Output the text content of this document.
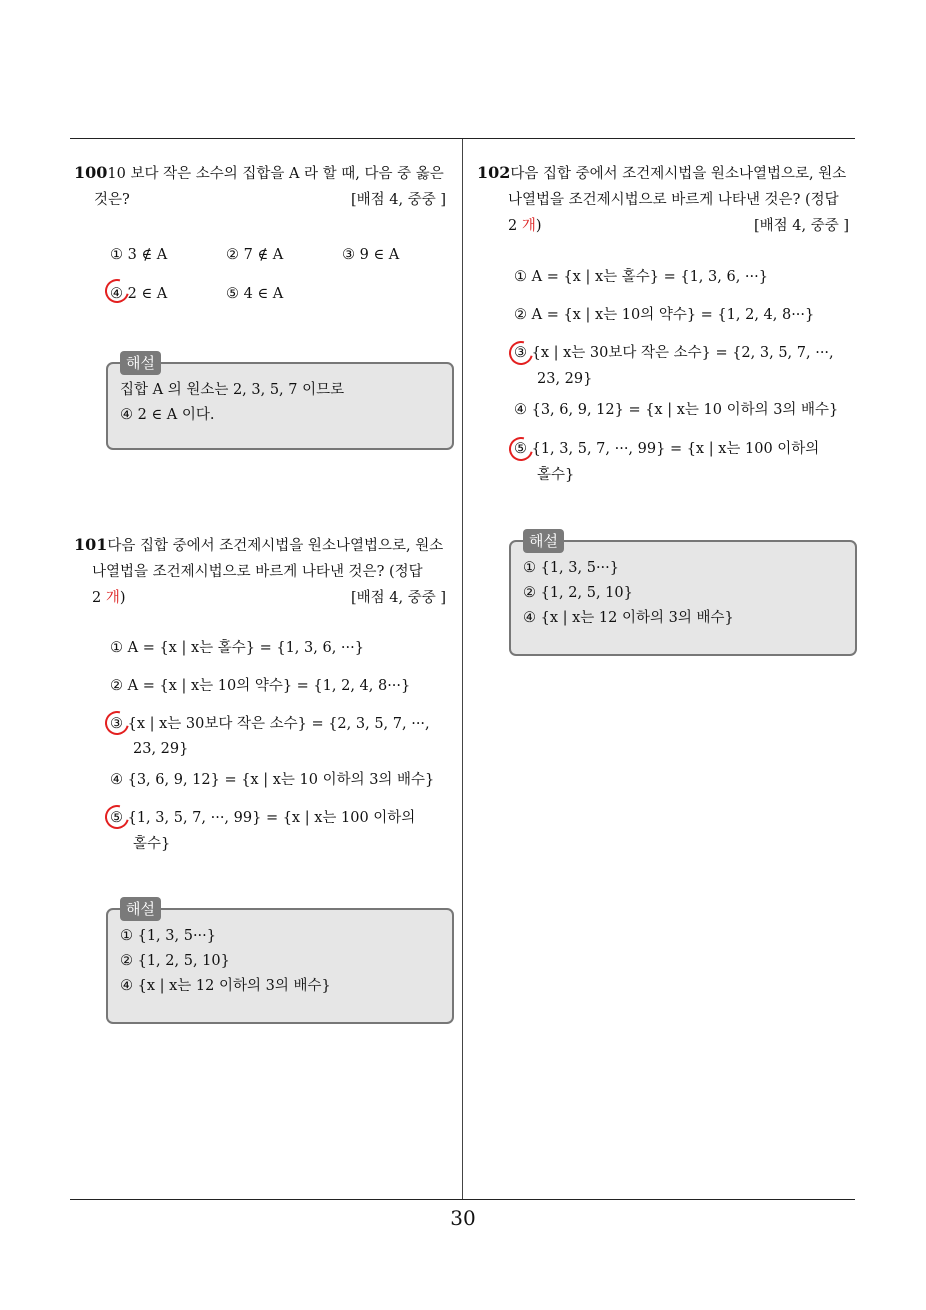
10010 보다 작은 소수의 집합을 A 라 할 때, 다음 중 옳은
것은?	[배점 4, 중중 ]
① 3 ∉ A	② 7 ∉ A	③ 9 ∈ A
④ 2 ∈ A	⑤ 4 ∈ A
해설
집합 A 의 원소는 2, 3, 5, 7 이므로
④ 2 ∈ A 이다.
101다음 집합 중에서 조건제시법을 원소나열법으로, 원소
나열법을 조건제시법으로 바르게 나타낸 것은? (정답
2 개)	[배점 4, 중중 ]
① A = {x | x는 홀수} = {1, 3, 6, ···}
② A = {x | x는 10의 약수} = {1, 2, 4, 8···}
③ {x | x는 30보다 작은 소수} = {2, 3, 5, 7, ···,
23, 29}
④ {3, 6, 9, 12} = {x | x는 10 이하의 3의 배수}
⑤ {1, 3, 5, 7, ···, 99} = {x | x는 100 이하의
홀수}
해설
① {1, 3, 5···}
② {1, 2, 5, 10}
④ {x | x는 12 이하의 3의 배수}
102다음 집합 중에서 조건제시법을 원소나열법으로, 원소
나열법을 조건제시법으로 바르게 나타낸 것은? (정답
2 개)	[배점 4, 중중 ]
① A = {x | x는 홀수} = {1, 3, 6, ···}
② A = {x | x는 10의 약수} = {1, 2, 4, 8···}
③ {x | x는 30보다 작은 소수} = {2, 3, 5, 7, ···,
23, 29}
④ {3, 6, 9, 12} = {x | x는 10 이하의 3의 배수}
⑤ {1, 3, 5, 7, ···, 99} = {x | x는 100 이하의
홀수}
해설
① {1, 3, 5···}
② {1, 2, 5, 10}
④ {x | x는 12 이하의 3의 배수}
30
